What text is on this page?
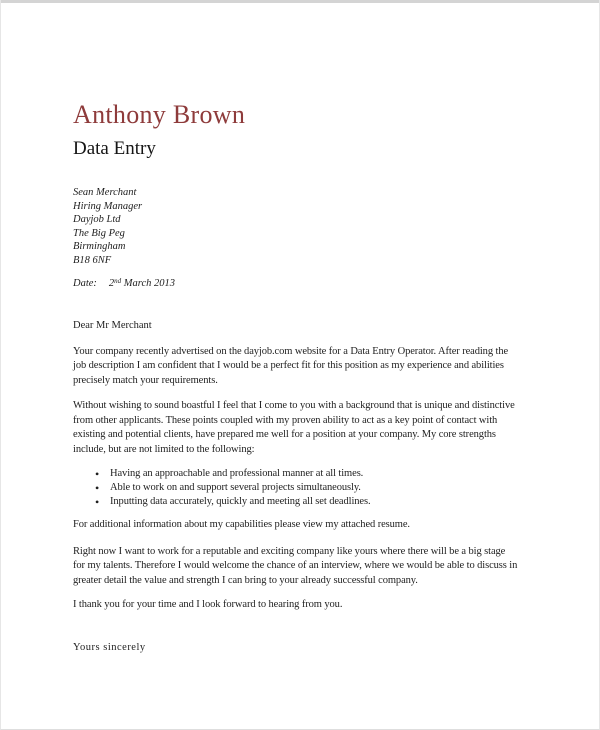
Anthony Brown
Data Entry
Sean Merchant
Hiring Manager
Dayjob Ltd
The Big Peg
Birmingham
B18 6NF
Date: 2nd March 2013
Dear Mr Merchant
Your company recently advertised on the dayjob.com website for a Data Entry Operator. After reading the
job description I am confident that I would be a perfect fit for this position as my experience and abilities
precisely match your requirements.
Without wishing to sound boastful I feel that I come to you with a background that is unique and distinctive
from other applicants. These points coupled with my proven ability to act as a key point of contact with
existing and potential clients, have prepared me well for a position at your company. My core strengths
include, but are not limited to the following:
• Having an approachable and professional manner at all times.
• Able to work on and support several projects simultaneously.
• Inputting data accurately, quickly and meeting all set deadlines.
For additional information about my capabilities please view my attached resume.
Right now I want to work for a reputable and exciting company like yours where there will be a big stage
for my talents. Therefore I would welcome the chance of an interview, where we would be able to discuss in
greater detail the value and strength I can bring to your already successful company.
I thank you for your time and I look forward to hearing from you.
Yours sincerely
